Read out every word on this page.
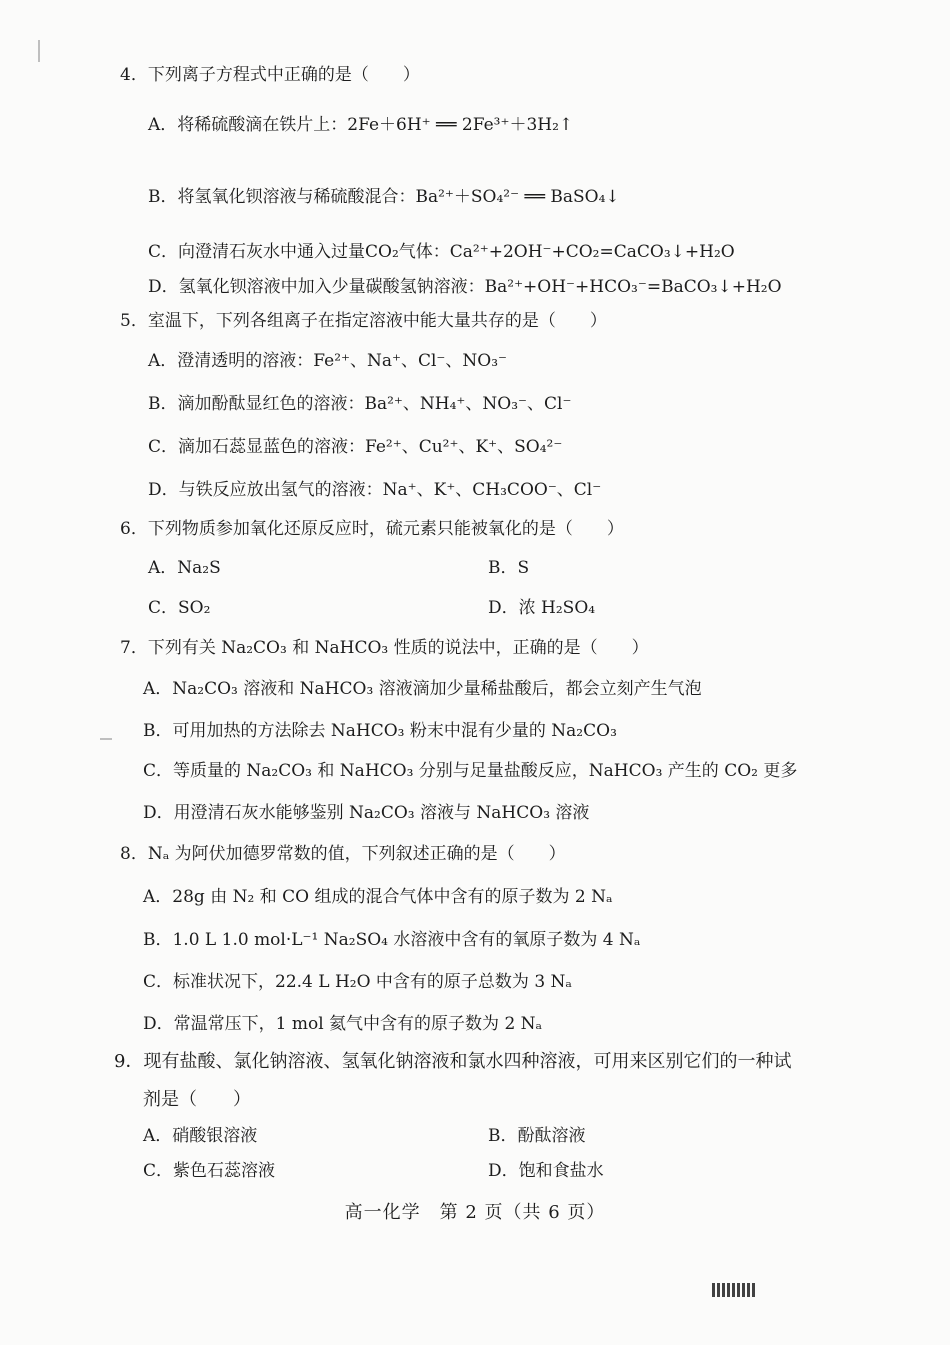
4．下列离子方程式中正确的是（　　）
A．将稀硫酸滴在铁片上：2Fe＋6H⁺ ══ 2Fe³⁺＋3H₂↑
B．将氢氧化钡溶液与稀硫酸混合：Ba²⁺＋SO₄²⁻ ══ BaSO₄↓
C．向澄清石灰水中通入过量CO₂气体：Ca²⁺+2OH⁻+CO₂=CaCO₃↓+H₂O
D．氢氧化钡溶液中加入少量碳酸氢钠溶液：Ba²⁺+OH⁻+HCO₃⁻=BaCO₃↓+H₂O
5．室温下，下列各组离子在指定溶液中能大量共存的是（　　）
A．澄清透明的溶液：Fe²⁺、Na⁺、Cl⁻、NO₃⁻
B．滴加酚酞显红色的溶液：Ba²⁺、NH₄⁺、NO₃⁻、Cl⁻
C．滴加石蕊显蓝色的溶液：Fe²⁺、Cu²⁺、K⁺、SO₄²⁻
D．与铁反应放出氢气的溶液：Na⁺、K⁺、CH₃COO⁻、Cl⁻
6．下列物质参加氧化还原反应时，硫元素只能被氧化的是（　　）
A．Na₂S	B．S
C．SO₂	D．浓 H₂SO₄
7．下列有关 Na₂CO₃ 和 NaHCO₃ 性质的说法中，正确的是（　　）
A．Na₂CO₃ 溶液和 NaHCO₃ 溶液滴加少量稀盐酸后，都会立刻产生气泡
B．可用加热的方法除去 NaHCO₃ 粉末中混有少量的 Na₂CO₃
C．等质量的 Na₂CO₃ 和 NaHCO₃ 分别与足量盐酸反应，NaHCO₃ 产生的 CO₂ 更多
D．用澄清石灰水能够鉴别 Na₂CO₃ 溶液与 NaHCO₃ 溶液
8．Nₐ 为阿伏加德罗常数的值，下列叙述正确的是（　　）
A．28g 由 N₂ 和 CO 组成的混合气体中含有的原子数为 2 Nₐ
B．1.0 L 1.0 mol·L⁻¹ Na₂SO₄ 水溶液中含有的氧原子数为 4 Nₐ
C．标准状况下，22.4 L H₂O 中含有的原子总数为 3 Nₐ
D．常温常压下，1 mol 氦气中含有的原子数为 2 Nₐ
9．现有盐酸、氯化钠溶液、氢氧化钠溶液和氯水四种溶液，可用来区别它们的一种试
剂是（　　）
A．硝酸银溶液	B．酚酞溶液
C．紫色石蕊溶液	D．饱和食盐水
高一化学　第 2 页（共 6 页）
